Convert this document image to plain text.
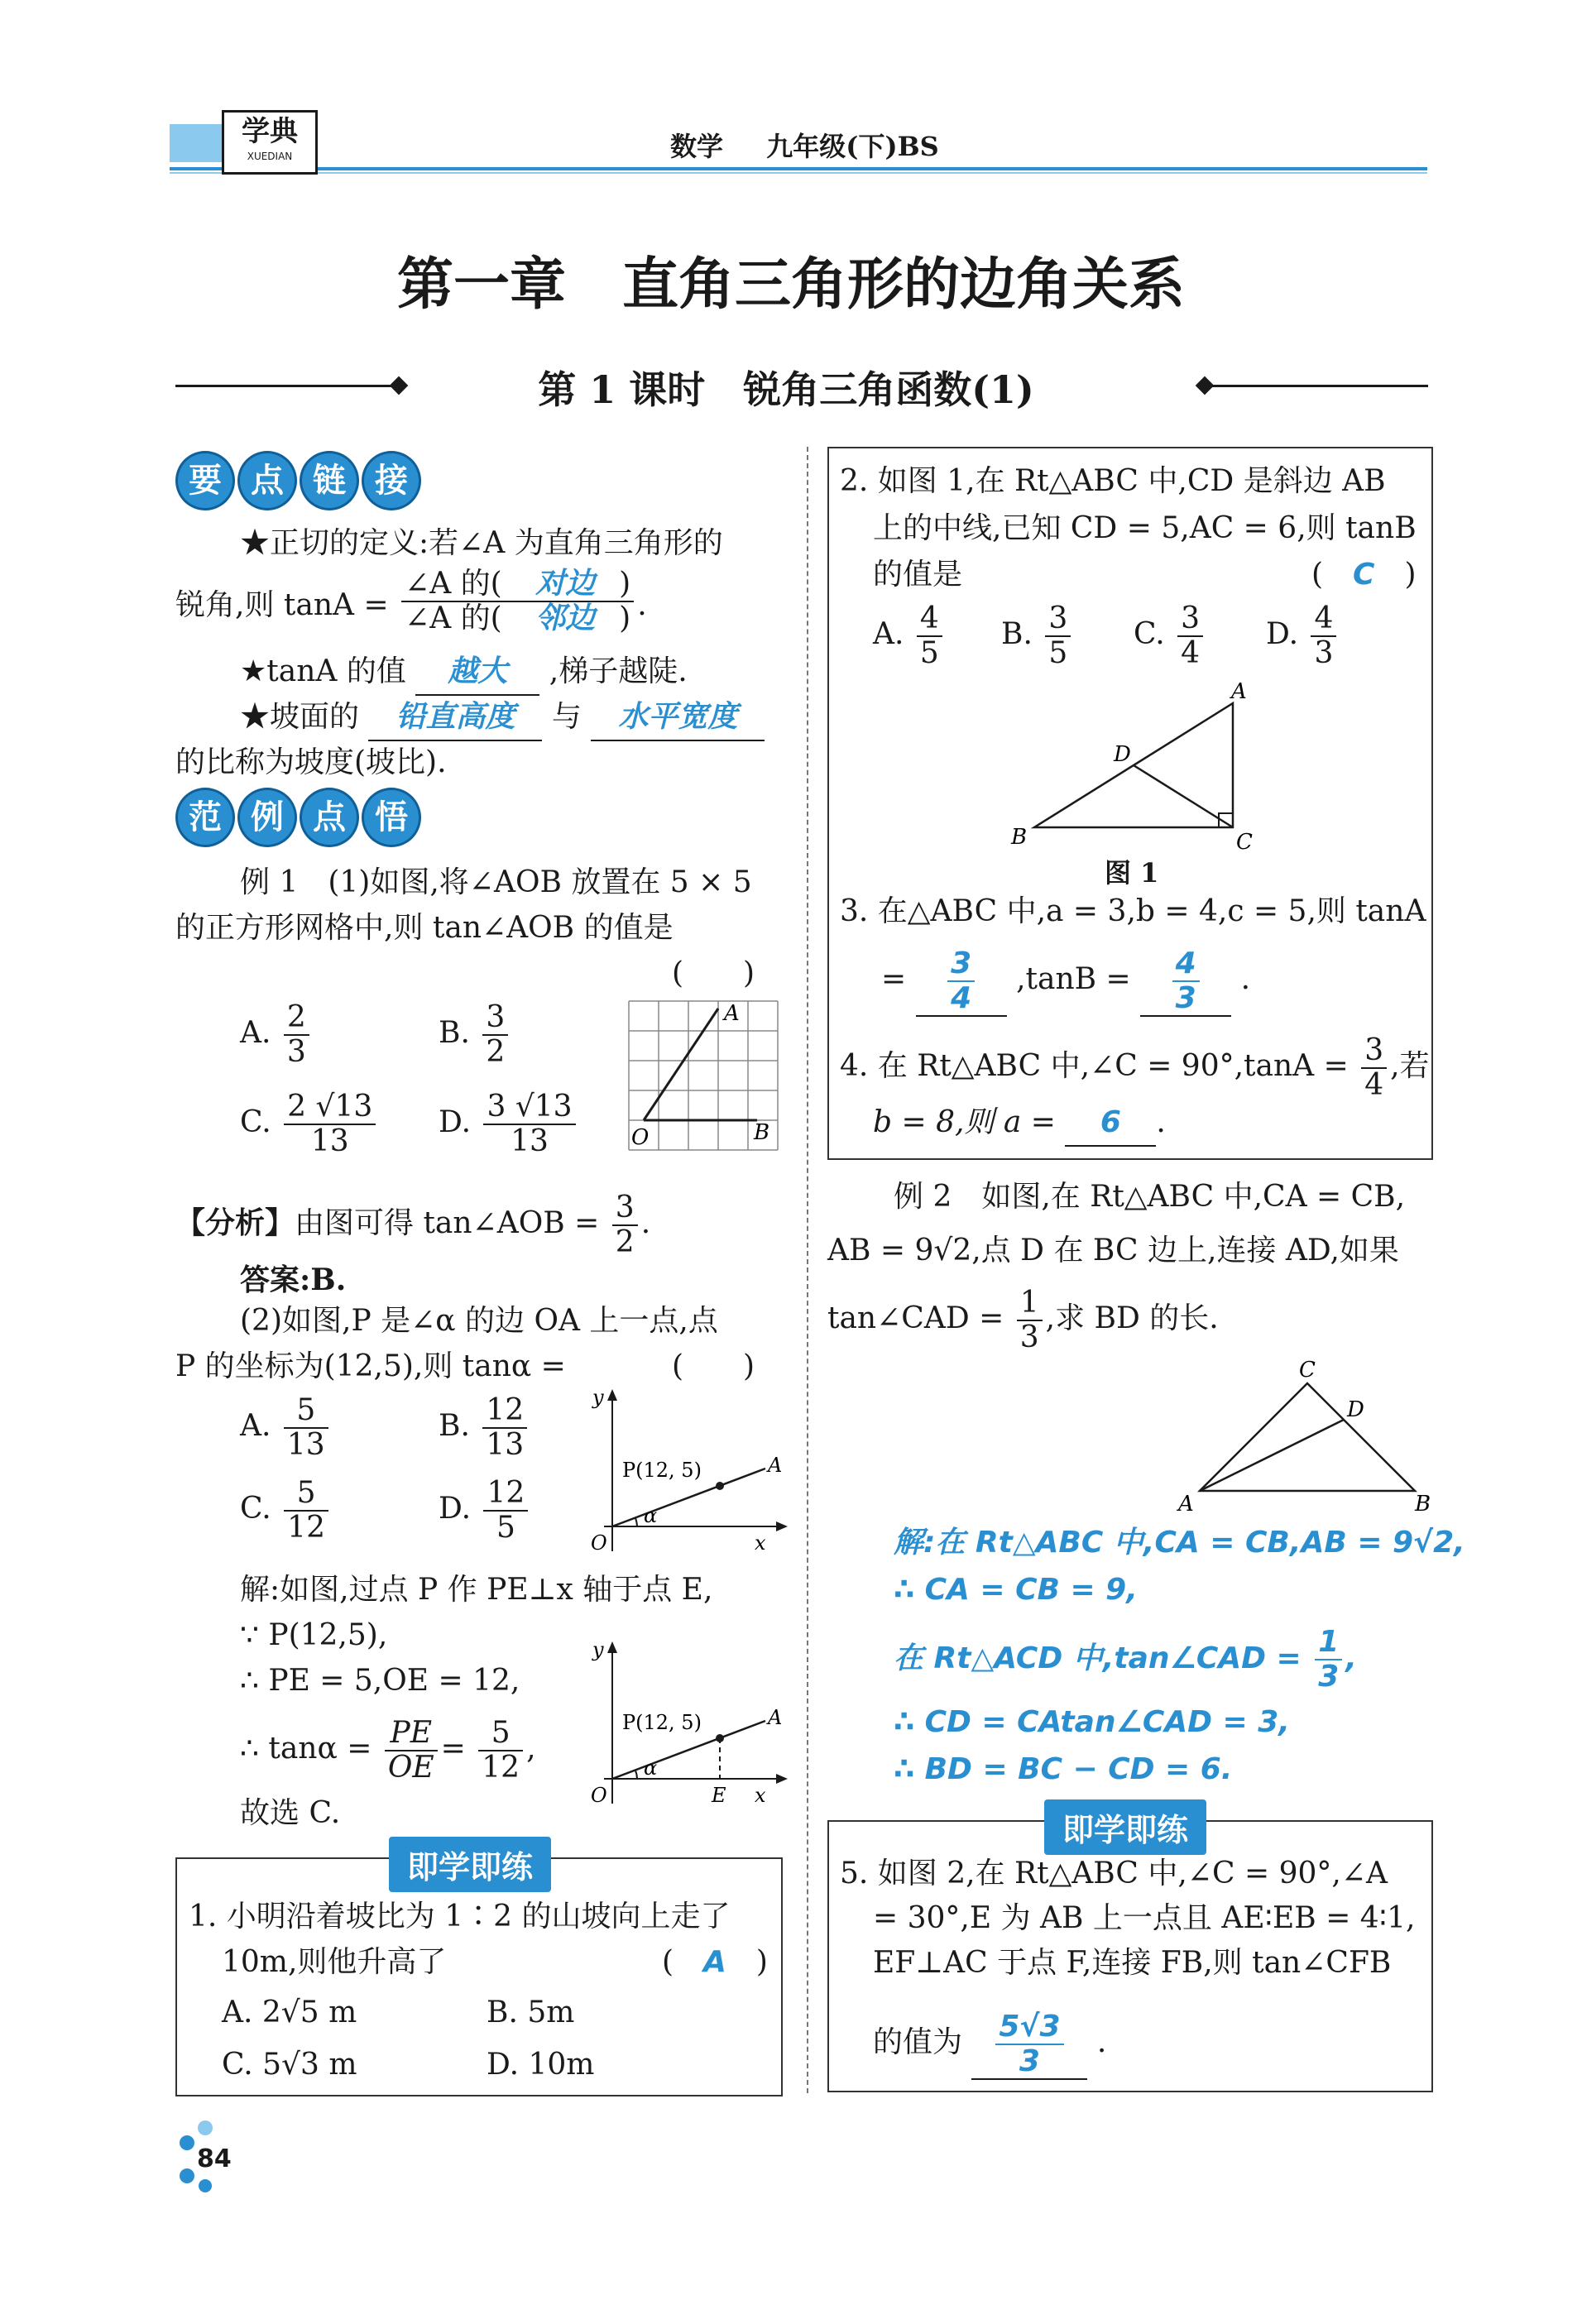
学典
XUEDIAN	数学 九年级(下)BS
第一章　直角三角形的边角关系
第 1 课时　锐角三角函数(1)
要 点 链 接
★正切的定义:若∠A 为直角三角形的
锐角,则 $\tan A = \frac{\text{∠A 的( 对边 )}}{\text{∠A 的( 邻边 )}}$ .
★tanA 的值 越大 ,梯子越陡.
★坡面的 铅直高度 与 水平宽度
的比称为坡度(坡比).
范 例 点 悟
例 1　(1)如图,将∠AOB 放置在 5 × 5
的正方形网格中,则 tan∠AOB 的值是
(　　)
A. $\frac{2}{3}$	B. $\frac{3}{2}$
C. $\frac{2 √13}{13} D$. $\frac{3 √13}{13}$
A
O	B
【分析】由图可得 tan∠AOB = $\frac{3}{2}$ .
答案:B.
(2)如图,P 是∠α 的边 OA 上一点,点
P 的坐标为(12,5),则 tanα =	(　　)
A. $\frac{5}{13}$	B. $\frac{12}{13}$
C. $\frac{5}{12}$	D. $\frac{12}{5}$
y
P(12, 5)	A
α
O	x
解:如图,过点 P 作 PE⊥x 轴于点 E,
∵ P(12,5),
∴ PE = 5,OE = 12,
∴ $\tan\alpha = \frac{PE}{OE} = \frac{5}{12}$ ,
故选 C.
y
P(12, 5)	A
α
O	E x
即学即练
1. 小明沿着坡比为 1∶2 的山坡向上走了
10m,则他升高了	(　A　)
A. 2√5 m	B. 5m
C. 5√3 m	D. 10m
2. 如图 1,在 Rt△ABC 中,CD 是斜边 AB
上的中线,已知 CD = 5,AC = 6,则 tanB
的值是	(　C　)
A. $\frac{4}{5} B$. $\frac{3}{5} C$. $\frac{3}{4} D$. $\frac{4}{3}$
A
D
B	C
图 1
3. 在△ABC 中,a = 3,b = 4,c = 5,则 tanA
= $\frac{3}{4} ,\tan B = \frac{4}{3}$ .
4. 在 Rt△ABC 中,∠C = $90^\circ,\tan A = \frac{3}{4}$ ,若
b = 8,则 a = 6 .
例 2　如图,在 Rt△ABC 中,CA = CB,
AB = 9√2,点 D 在 BC 边上,连接 AD,如果
tan∠CAD = $\frac{1}{3}$ ,求 BD 的长.
C
D
A	B
解:在 Rt△ABC 中,CA = CB,AB = 9√2,
∴ CA = CB = 9,
在 Rt△ACD 中,tan∠CAD = $\frac{1}{3}$ ,
∴ CD = CAtan∠CAD = 3,
∴ BD = BC − CD = 6.
即学即练
5. 如图 2,在 Rt△ABC 中,∠C = 90°,∠A
= 30°,E 为 AB 上一点且 AE∶EB = 4∶1,
EF⊥AC 于点 F,连接 FB,则 tan∠CFB
的值为 $\frac{5√3}{3}$ .
84
